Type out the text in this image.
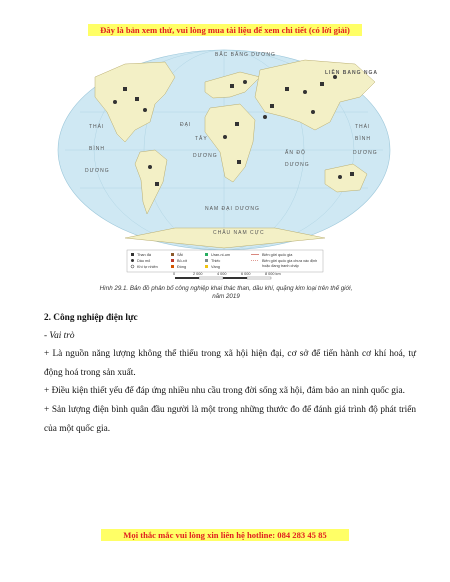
Đây là bản xem thử, vui lòng mua tài liệu để xem chi tiết (có lời giải)
BẮC BĂNG DƯƠNG
LIÊN BANG NGA
THÁI
BÌNH
DƯƠNG
THÁI
BÌNH
DƯƠNG
ĐẠI
TÂY
DƯƠNG	ẤN ĐỘ
DƯƠNG
NAM ĐẠI DƯƠNG
CHÂU NAM CỰC
Than đá
Dầu mỏ
Khí tự nhiên
Sắt
Bô-xít
Đồng
Uran-ni-um
Thiếc
Vàng
Biên giới quốc gia
Biên giới quốc gia chưa xác định
hoặc đang tranh chấp
0	2 000	4 000	6 000	8 000 km
Hình 29.1. Bản đồ phân bố công nghiệp khai thác than, dầu khí, quặng kim loại trên thế giới,
năm 2019
2. Công nghiệp điện lực
- Vai trò

+ Là nguồn năng lượng không thể thiếu trong xã hội hiện đại, cơ sở để tiến hành cơ khí hoá, tự động hoá trong sản xuất.

+ Điều kiện thiết yếu để đáp ứng nhiều nhu cầu trong đời sống xã hội, đảm bảo an ninh quốc gia.

+ Sản lượng điện bình quân đầu người là một trong những thước đo để đánh giá trình độ phát triển của một quốc gia.

Mọi thắc mắc vui lòng xin liên hệ hotline: 084 283 45 85
